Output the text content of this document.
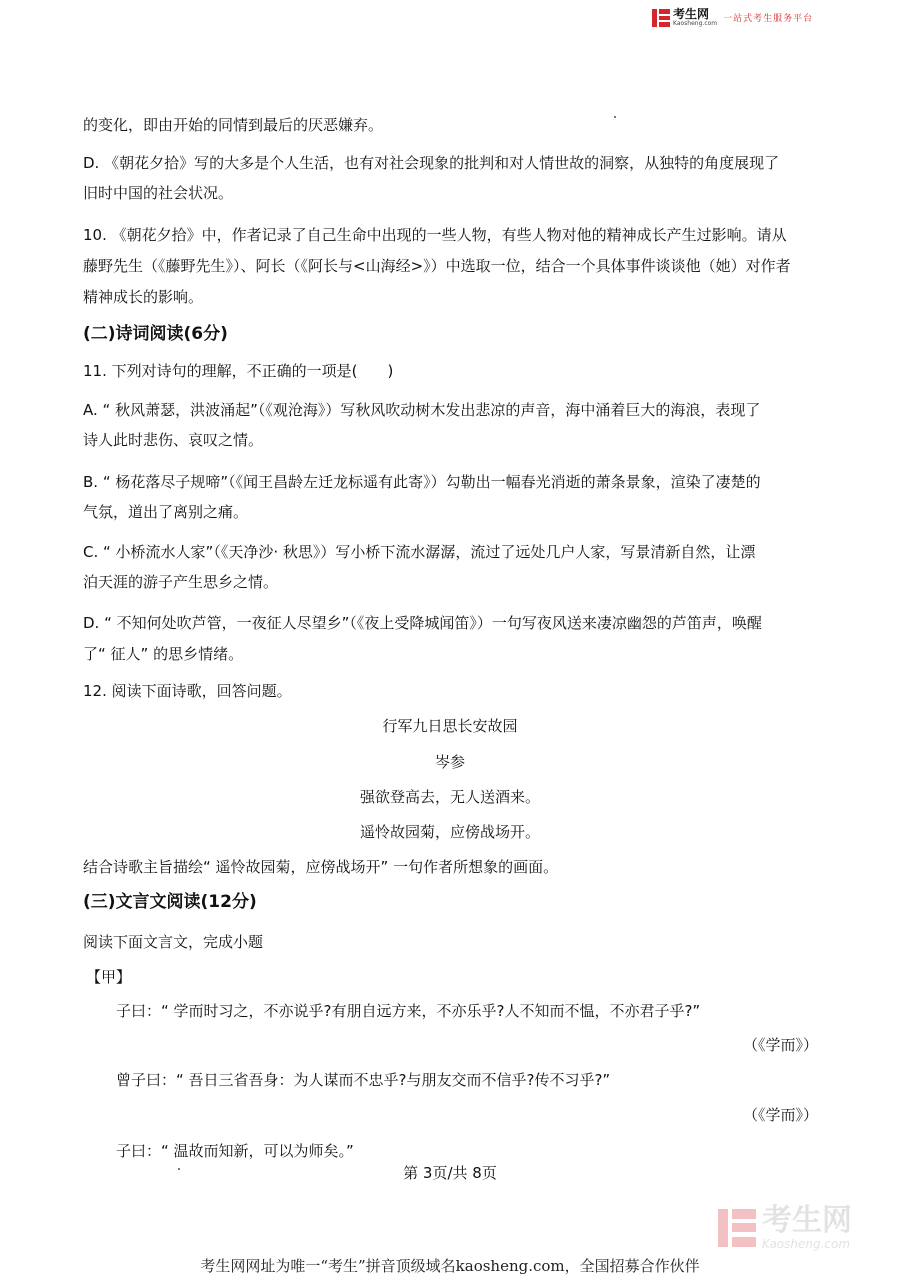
考生网
Kaosheng.com 一站式考生服务平台
的变化，即由开始的同情到最后的厌恶嫌弃。
D. 《朝花夕拾》写的大多是个人生活，也有对社会现象的批判和对人情世故的洞察，从独特的角度展现了
旧时中国的社会状况。
10. 《朝花夕拾》中，作者记录了自己生命中出现的一些人物，有些人物对他的精神成长产生过影响。请从
藤野先生（《藤野先生》）、阿长（《阿长与<山海经>》）中选取一位，结合一个具体事件谈谈他（她）对作者
精神成长的影响。
(二)诗词阅读(6分)
11. 下列对诗句的理解，不正确的一项是(　　)
A. “ 秋风萧瑟，洪波涌起”（《观沧海》）写秋风吹动树木发出悲凉的声音，海中涌着巨大的海浪，表现了
诗人此时悲伤、哀叹之情。
B. “ 杨花落尽子规啼”（《闻王昌龄左迁龙标遥有此寄》）勾勒出一幅春光消逝的萧条景象，渲染了凄楚的
气氛，道出了离别之痛。
C. “ 小桥流水人家”（《天净沙· 秋思》）写小桥下流水潺潺，流过了远处几户人家，写景清新自然，让漂
泊天涯的游子产生思乡之情。
D. “ 不知何处吹芦管，一夜征人尽望乡”（《夜上受降城闻笛》）一句写夜风送来凄凉幽怨的芦笛声，唤醒
了“ 征人” 的思乡情绪。
12. 阅读下面诗歌，回答问题。
行军九日思长安故园
岑参
强欲登高去，无人送酒来。
遥怜故园菊，应傍战场开。
结合诗歌主旨描绘“ 遥怜故园菊，应傍战场开” 一句作者所想象的画面。
(三)文言文阅读(12分)
阅读下面文言文，完成小题
【甲】
子曰：“ 学而时习之，不亦说乎?有朋自远方来，不亦乐乎?人不知而不愠，不亦君子乎?”
（《学而》）
曾子曰：“ 吾日三省吾身：为人谋而不忠乎?与朋友交而不信乎?传不习乎?”
（《学而》）
子曰：“ 温故而知新，可以为师矣。”
第 3页/共 8页
考生网
Kaosheng.com
考生网网址为唯一“考生”拼音顶级域名kaosheng.com，全国招募合作伙伴
